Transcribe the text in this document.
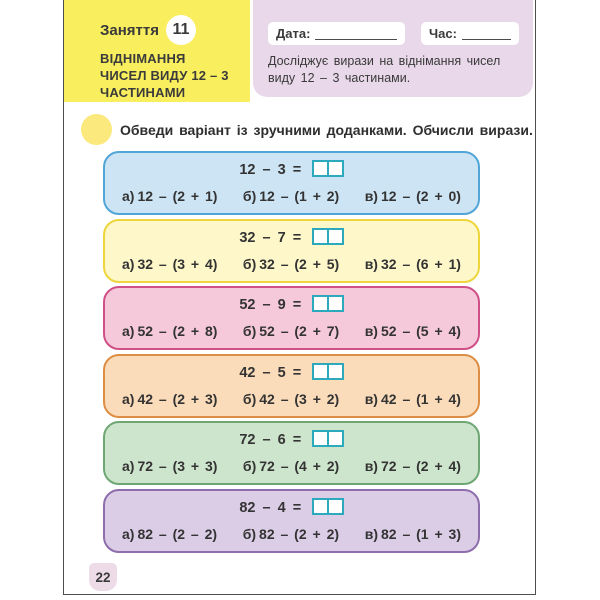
Заняття 11
ВІДНІМАННЯ
ЧИСЕЛ ВИДУ 12 – 3
ЧАСТИНАМИ
Дата:	Час:
Досліджує вирази на віднімання чисел виду 12 – 3 частинами.
Обведи варіант із зручними доданками. Обчисли вирази.
12 – 3 =
а) 12 – (2 + 1) б) 12 – (1 + 2) в) 12 – (2 + 0)
32 – 7 =
а) 32 – (3 + 4) б) 32 – (2 + 5) в) 32 – (6 + 1)
52 – 9 =
а) 52 – (2 + 8) б) 52 – (2 + 7) в) 52 – (5 + 4)
42 – 5 =
а) 42 – (2 + 3) б) 42 – (3 + 2) в) 42 – (1 + 4)
72 – 6 =
а) 72 – (3 + 3) б) 72 – (4 + 2) в) 72 – (2 + 4)
82 – 4 =
а) 82 – (2 – 2) б) 82 – (2 + 2) в) 82 – (1 + 3)
22
